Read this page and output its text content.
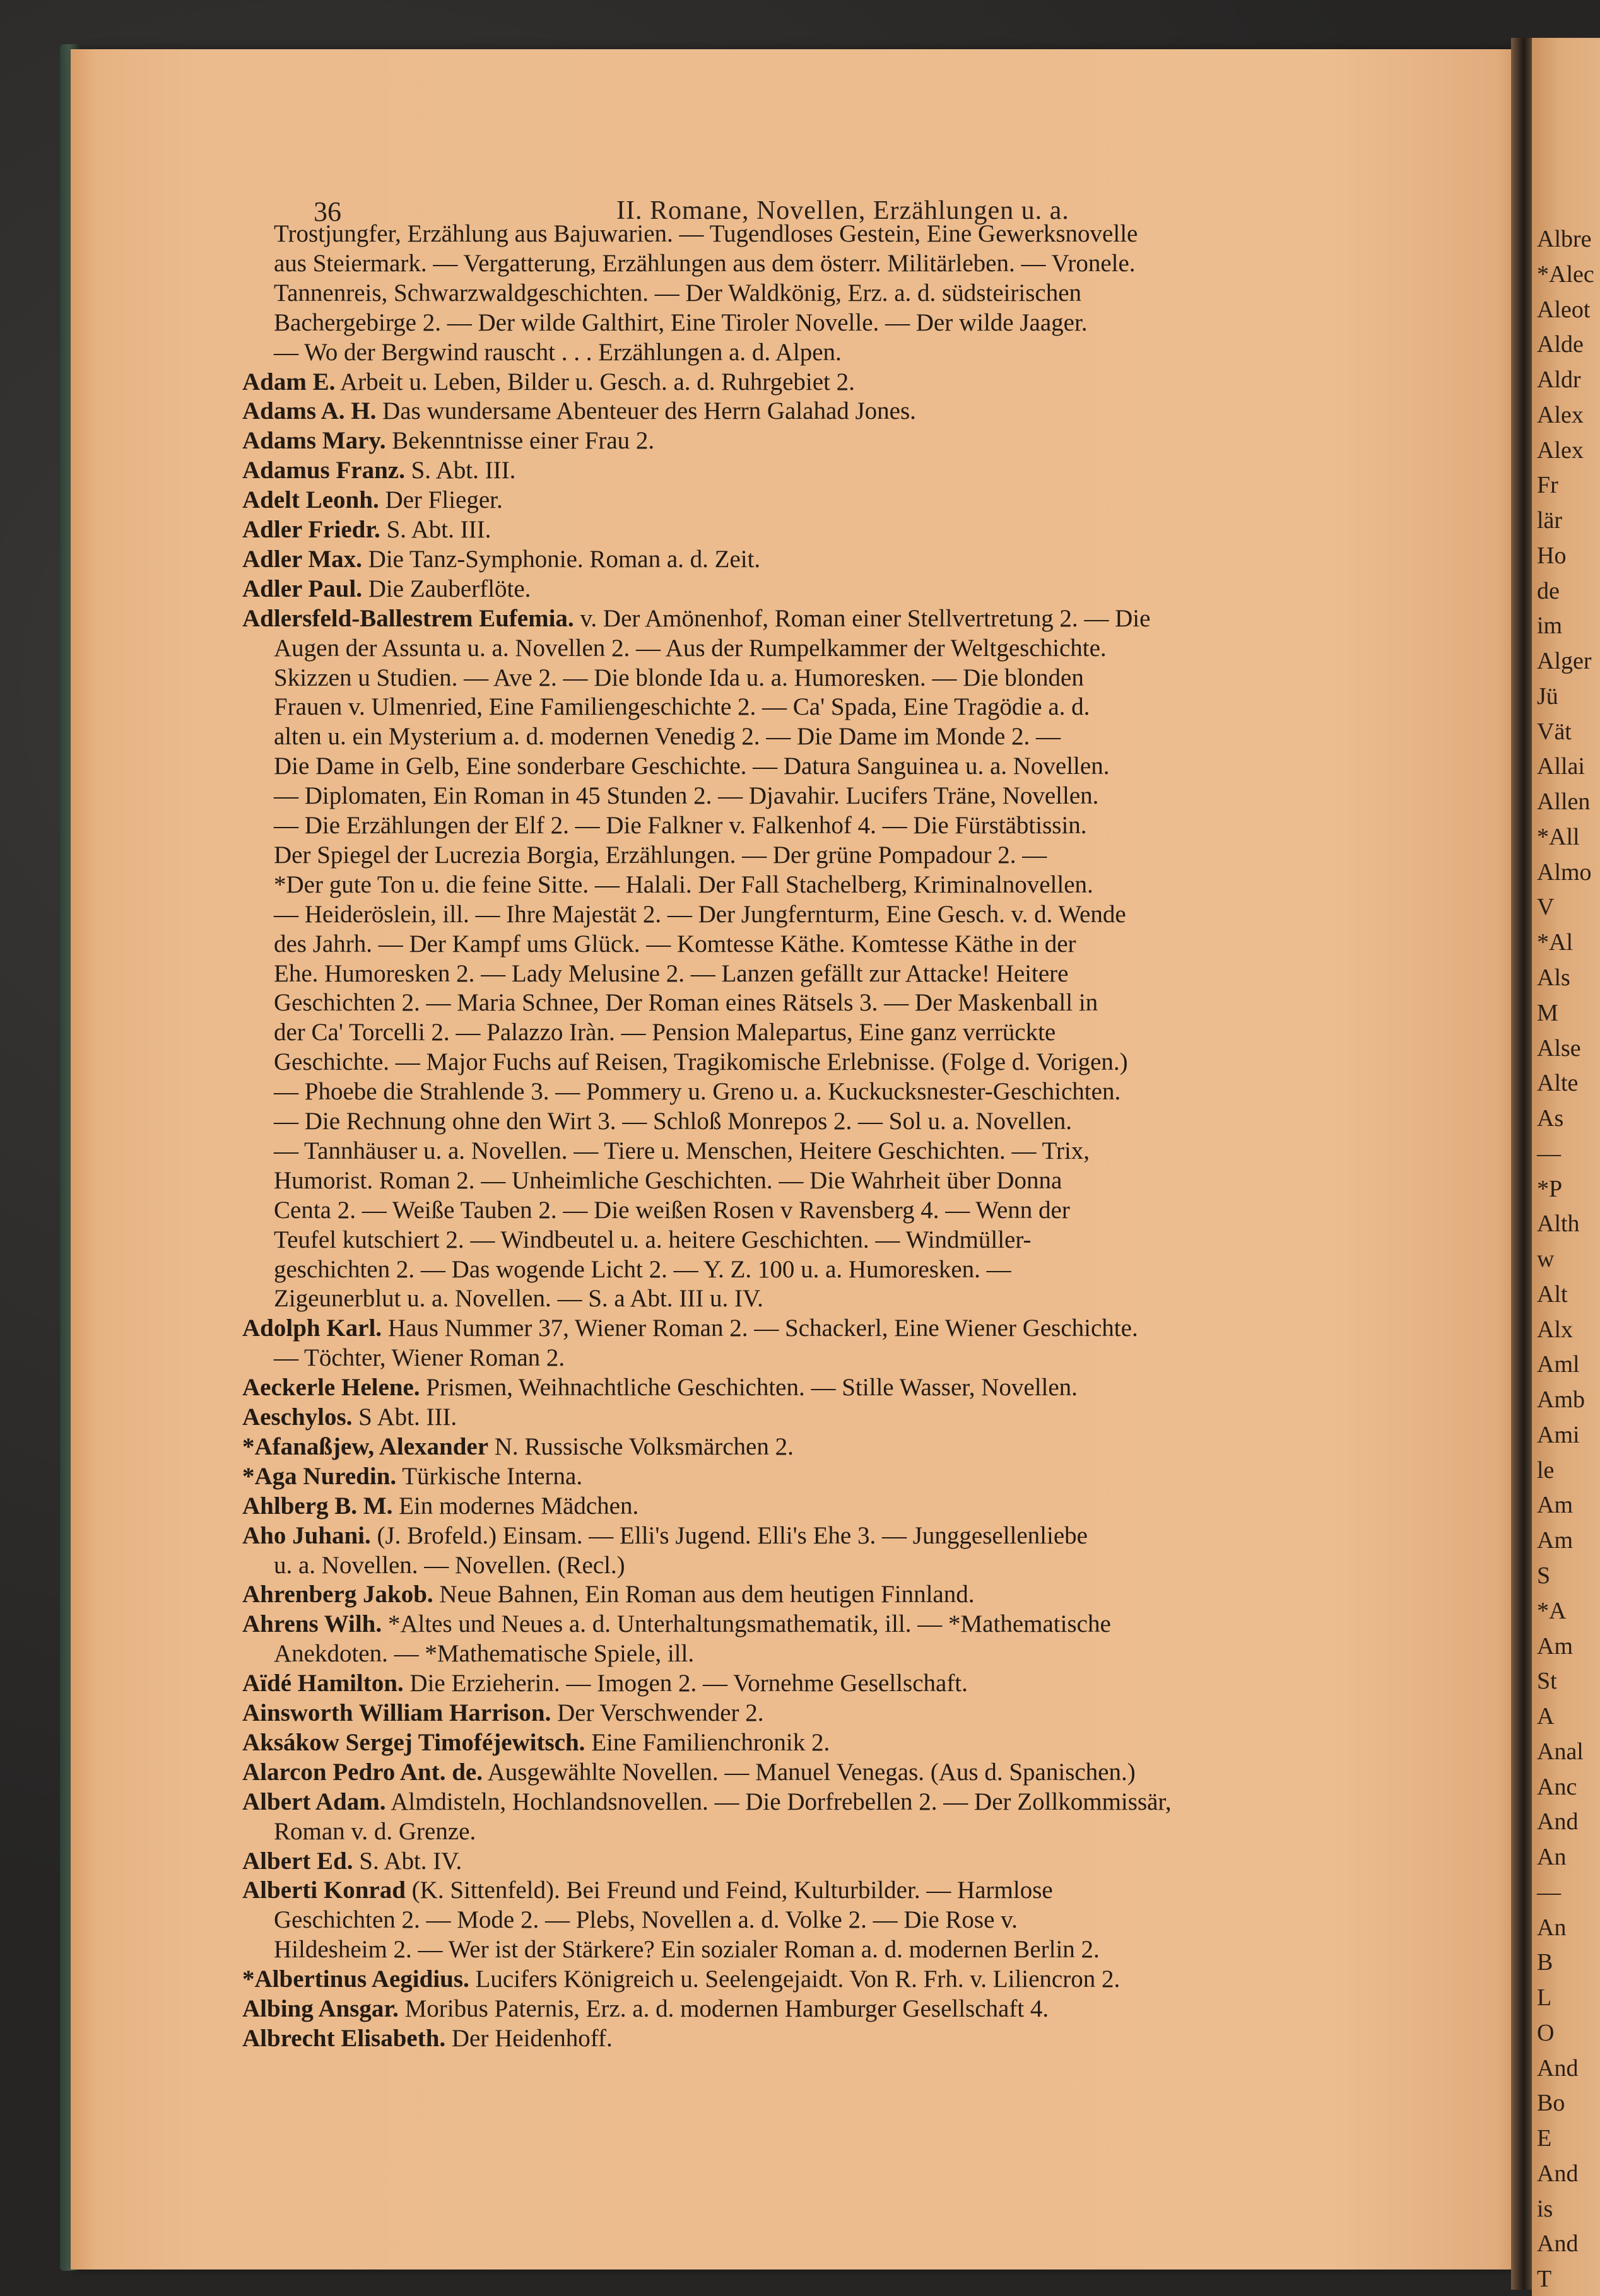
36	II. Romane, Novellen, Erzählungen u. a.
Trostjungfer, Erzählung aus Bajuwarien. — Tugendloses Gestein, Eine Gewerksnovelle
aus Steiermark. — Vergatterung, Erzählungen aus dem österr. Militärleben. — Vronele.
Tannenreis, Schwarzwaldgeschichten. — Der Waldkönig, Erz. a. d. südsteirischen
Bachergebirge 2. — Der wilde Galthirt, Eine Tiroler Novelle. — Der wilde Jaager.
— Wo der Bergwind rauscht . . . Erzählungen a. d. Alpen.
Adam E. Arbeit u. Leben, Bilder u. Gesch. a. d. Ruhrgebiet 2.
Adams A. H. Das wundersame Abenteuer des Herrn Galahad Jones.
Adams Mary. Bekenntnisse einer Frau 2.
Adamus Franz. S. Abt. III.
Adelt Leonh. Der Flieger.
Adler Friedr. S. Abt. III.
Adler Max. Die Tanz-Symphonie. Roman a. d. Zeit.
Adler Paul. Die Zauberflöte.
Adlersfeld-Ballestrem Eufemia. v. Der Amönenhof, Roman einer Stellvertretung 2. — Die
Augen der Assunta u. a. Novellen 2. — Aus der Rumpelkammer der Weltgeschichte.
Skizzen u Studien. — Ave 2. — Die blonde Ida u. a. Humoresken. — Die blonden
Frauen v. Ulmenried, Eine Familiengeschichte 2. — Ca' Spada, Eine Tragödie a. d.
alten u. ein Mysterium a. d. modernen Venedig 2. — Die Dame im Monde 2. —
Die Dame in Gelb, Eine sonderbare Geschichte. — Datura Sanguinea u. a. Novellen.
— Diplomaten, Ein Roman in 45 Stunden 2. — Djavahir. Lucifers Träne, Novellen.
— Die Erzählungen der Elf 2. — Die Falkner v. Falkenhof 4. — Die Fürstäbtissin.
Der Spiegel der Lucrezia Borgia, Erzählungen. — Der grüne Pompadour 2. —
*Der gute Ton u. die feine Sitte. — Halali. Der Fall Stachelberg, Kriminalnovellen.
— Heideröslein, ill. — Ihre Majestät 2. — Der Jungfernturm, Eine Gesch. v. d. Wende
des Jahrh. — Der Kampf ums Glück. — Komtesse Käthe. Komtesse Käthe in der
Ehe. Humoresken 2. — Lady Melusine 2. — Lanzen gefällt zur Attacke! Heitere
Geschichten 2. — Maria Schnee, Der Roman eines Rätsels 3. — Der Maskenball in
der Ca' Torcelli 2. — Palazzo Iràn. — Pension Malepartus, Eine ganz verrückte
Geschichte. — Major Fuchs auf Reisen, Tragikomische Erlebnisse. (Folge d. Vorigen.)
— Phoebe die Strahlende 3. — Pommery u. Greno u. a. Kuckucksnester-Geschichten.
— Die Rechnung ohne den Wirt 3. — Schloß Monrepos 2. — Sol u. a. Novellen.
— Tannhäuser u. a. Novellen. — Tiere u. Menschen, Heitere Geschichten. — Trix,
Humorist. Roman 2. — Unheimliche Geschichten. — Die Wahrheit über Donna
Centa 2. — Weiße Tauben 2. — Die weißen Rosen v Ravensberg 4. — Wenn der
Teufel kutschiert 2. — Windbeutel u. a. heitere Geschichten. — Windmüller-
geschichten 2. — Das wogende Licht 2. — Y. Z. 100 u. a. Humoresken. —
Zigeunerblut u. a. Novellen. — S. a Abt. III u. IV.
Adolph Karl. Haus Nummer 37, Wiener Roman 2. — Schackerl, Eine Wiener Geschichte.
— Töchter, Wiener Roman 2.
Aeckerle Helene. Prismen, Weihnachtliche Geschichten. — Stille Wasser, Novellen.
Aeschylos. S Abt. III.
*Afanaßjew, Alexander N. Russische Volksmärchen 2.
*Aga Nuredin. Türkische Interna.
Ahlberg B. M. Ein modernes Mädchen.
Aho Juhani. (J. Brofeld.) Einsam. — Elli's Jugend. Elli's Ehe 3. — Junggesellenliebe
u. a. Novellen. — Novellen. (Recl.)
Ahrenberg Jakob. Neue Bahnen, Ein Roman aus dem heutigen Finnland.
Ahrens Wilh. *Altes und Neues a. d. Unterhaltungsmathematik, ill. — *Mathematische
Anekdoten. — *Mathematische Spiele, ill.
Aïdé Hamilton. Die Erzieherin. — Imogen 2. — Vornehme Gesellschaft.
Ainsworth William Harrison. Der Verschwender 2.
Aksákow Sergej Timoféjewitsch. Eine Familienchronik 2.
Alarcon Pedro Ant. de. Ausgewählte Novellen. — Manuel Venegas. (Aus d. Spanischen.)
Albert Adam. Almdisteln, Hochlandsnovellen. — Die Dorfrebellen 2. — Der Zollkommissär,
Roman v. d. Grenze.
Albert Ed. S. Abt. IV.
Alberti Konrad (K. Sittenfeld). Bei Freund und Feind, Kulturbilder. — Harmlose
Geschichten 2. — Mode 2. — Plebs, Novellen a. d. Volke 2. — Die Rose v.
Hildesheim 2. — Wer ist der Stärkere? Ein sozialer Roman a. d. modernen Berlin 2.
*Albertinus Aegidius. Lucifers Königreich u. Seelengejaidt. Von R. Frh. v. Liliencron 2.
Albing Ansgar. Moribus Paternis, Erz. a. d. modernen Hamburger Gesellschaft 4.
Albrecht Elisabeth. Der Heidenhoff.
Albre
*Alec
Aleot
Alde
Aldr
Alex
Alex
Fr
lär
Ho
de
im
Alger
Jü
Vät
Allai
Allen
*All
Almo
V
*Al
Als
M
Alse
Alte
As
—
*P
Alth
w
Alt
Alx
Aml
Amb
Ami
le
Am
Am
S
*A
Am
St
A
Anal
Anc
And
An
—
An
B
L
O
And
Bo
E
And
is
And
T
